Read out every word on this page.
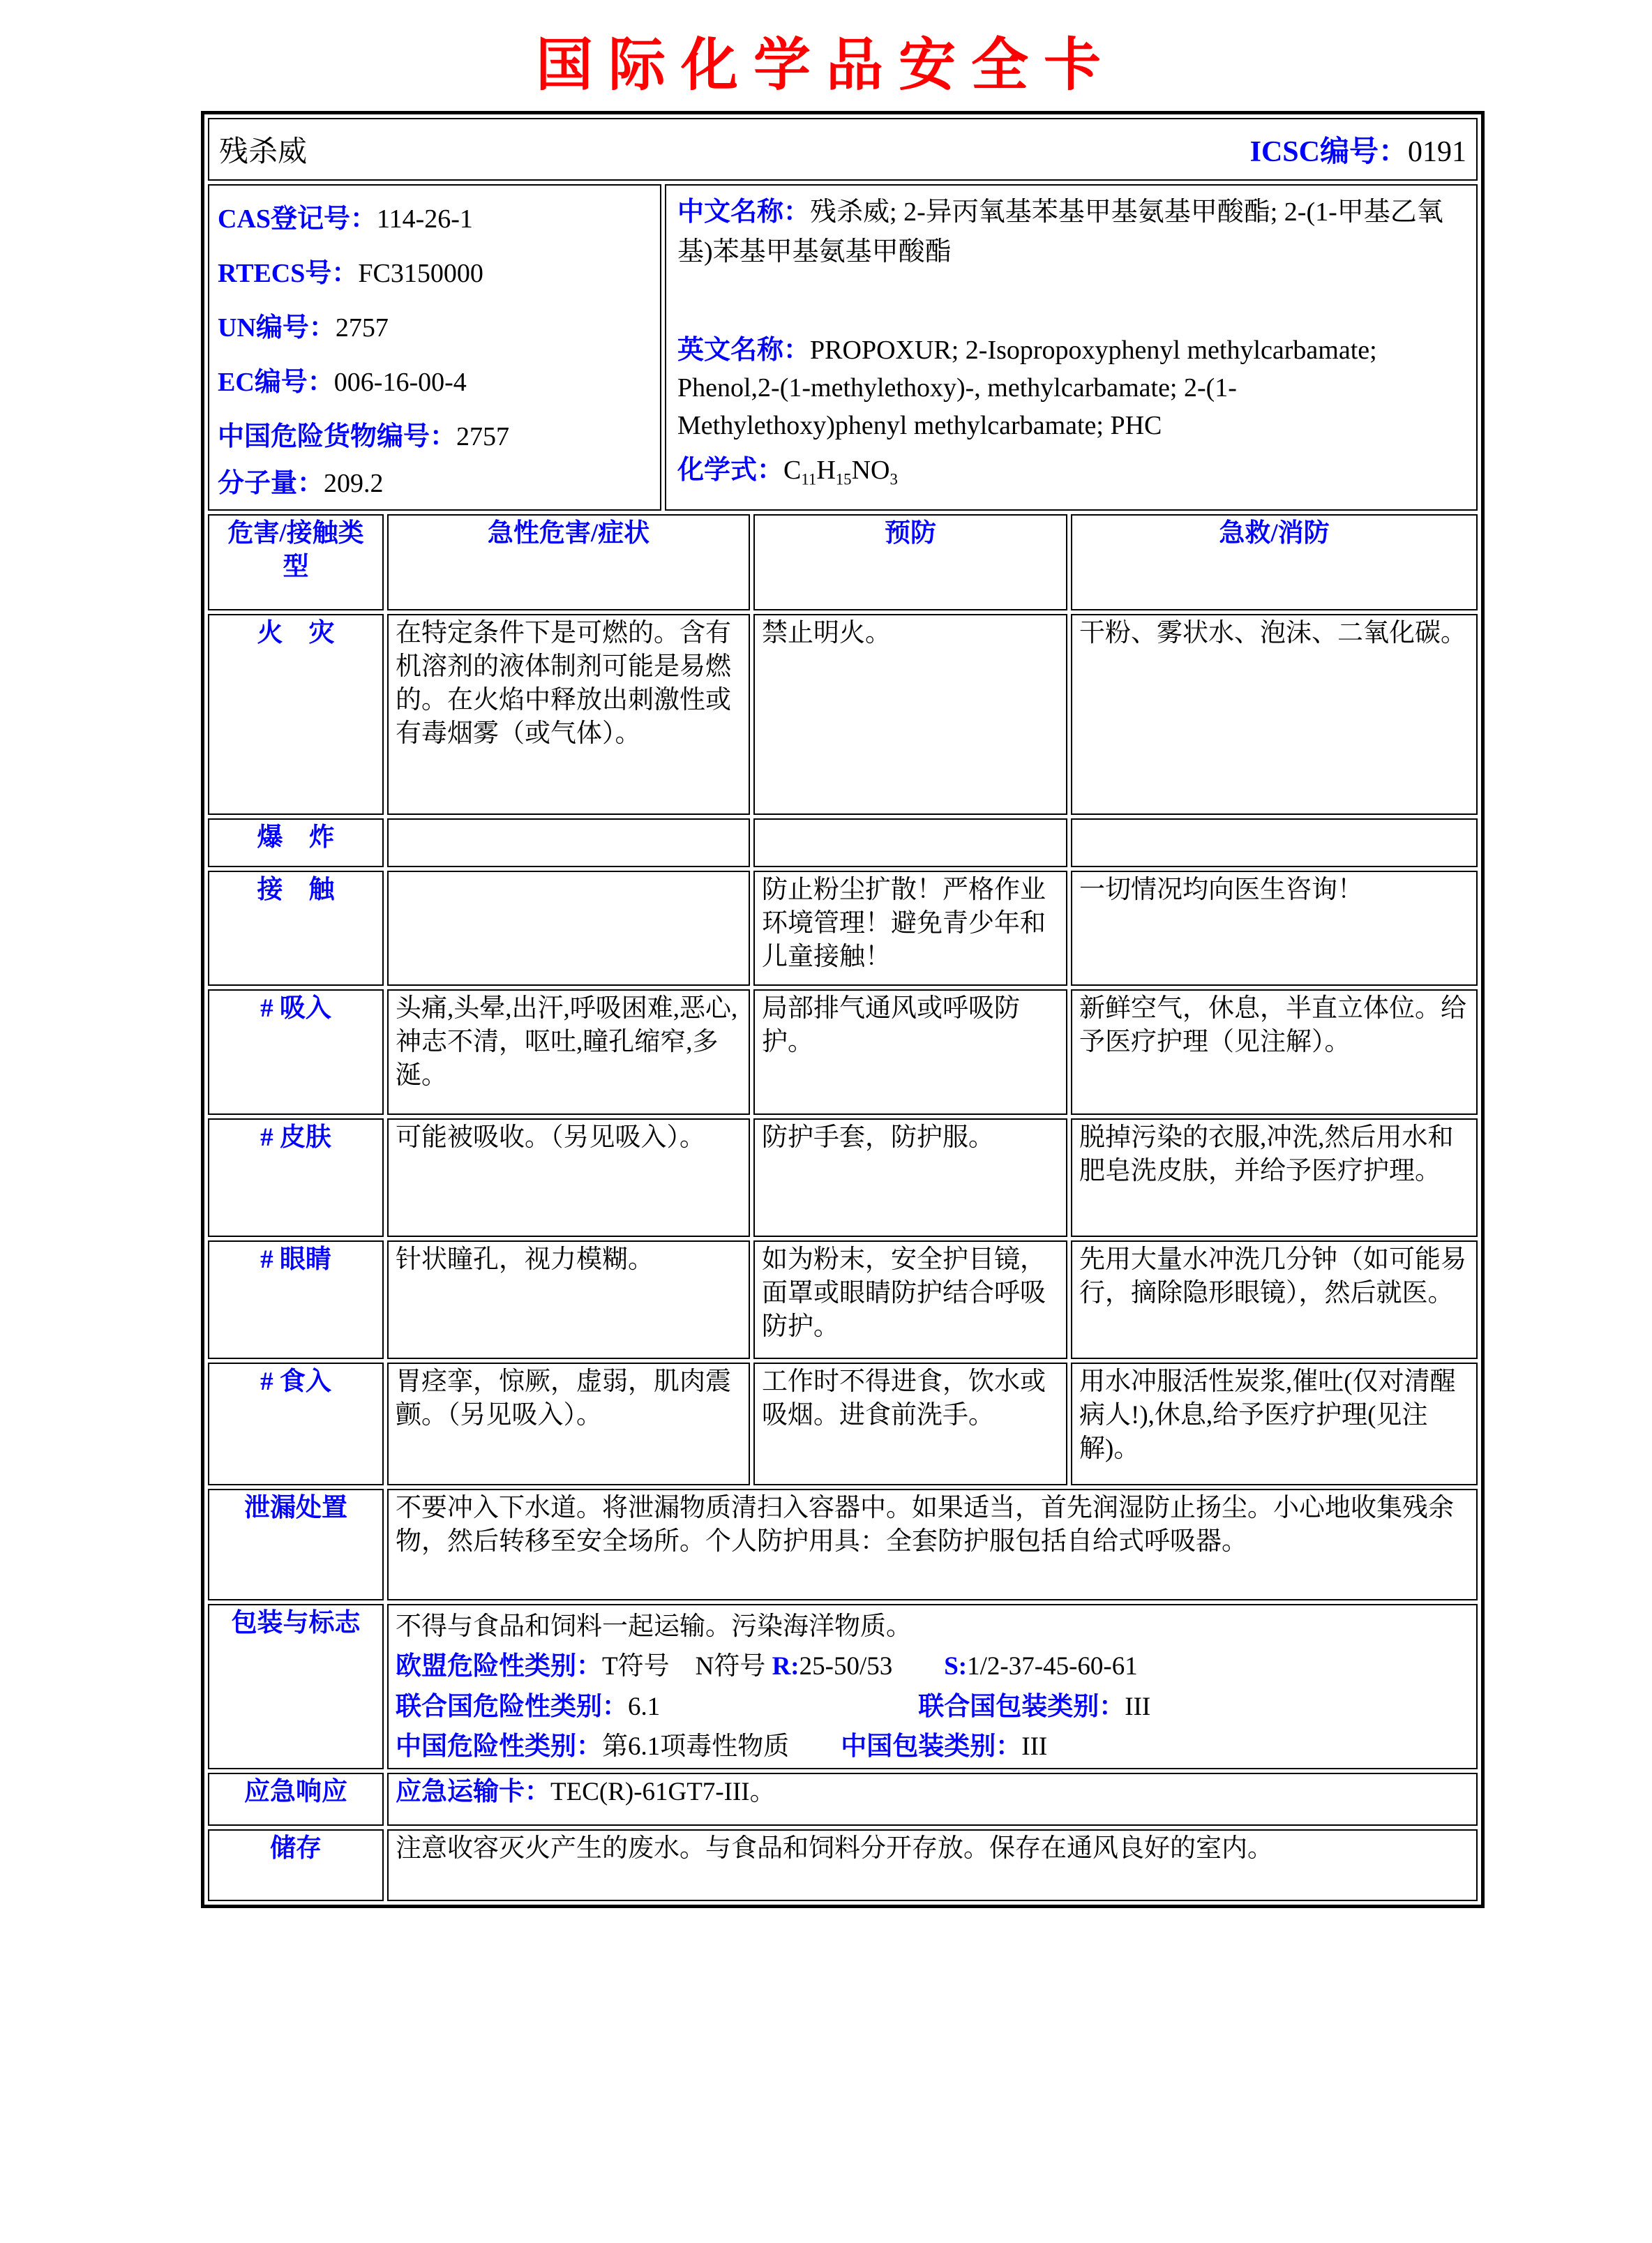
国际化学品安全卡
残杀威	ICSC编号：0191
CAS登记号：114-26-1
RTECS号：FC3150000
UN编号：2757
EC编号：006-16-00-4
中国危险货物编号：2757
分子量：209.2

中文名称：残杀威; 2-异丙氧基苯基甲基氨基甲酸酯; 2-(1-甲基乙氧基)苯基甲基氨基甲酸酯

英文名称：PROPOXUR; 2-Isopropoxyphenyl methylcarbamate; Phenol,2-(1-methylethoxy)-, methylcarbamate; 2-(1-Methylethoxy)phenyl methylcarbamate; PHC

化学式：$C_{11}H_{15}NO_3$

危害/接触类型	急性危害/症状	预防	急救/消防
火　灾	在特定条件下是可燃的。含有机溶剂的液体制剂可能是易燃的。在火焰中释放出刺激性或有毒烟雾（或气体）。	禁止明火。	干粉、雾状水、泡沫、二氧化碳。
爆　炸			
接　触		防止粉尘扩散！严格作业环境管理！避免青少年和儿童接触！	一切情况均向医生咨询！
# 吸入	头痛,头晕,出汗,呼吸困难,恶心,神志不清，呕吐,瞳孔缩窄,多涎。	局部排气通风或呼吸防护。	新鲜空气，休息，半直立体位。给予医疗护理（见注解）。
# 皮肤	可能被吸收。（另见吸入）。	防护手套，防护服。	脱掉污染的衣服,冲洗,然后用水和肥皂洗皮肤，并给予医疗护理。
# 眼睛	针状瞳孔，视力模糊。	如为粉末，安全护目镜，面罩或眼睛防护结合呼吸防护。	先用大量水冲洗几分钟（如可能易行，摘除隐形眼镜），然后就医。
# 食入	胃痉挛，惊厥，虚弱，肌肉震颤。（另见吸入）。	工作时不得进食，饮水或吸烟。进食前洗手。	用水冲服活性炭浆,催吐(仅对清醒病人!),休息,给予医疗护理(见注解)。
泄漏处置	不要冲入下水道。将泄漏物质清扫入容器中。如果适当，首先润湿防止扬尘。小心地收集残余物，然后转移至安全场所。个人防护用具：全套防护服包括自给式呼吸器。		
包装与标志	不得与食品和饲料一起运输。污染海洋物质。
欧盟危险性类别：T符号　N符号 R:25-50/53　　S:1/2-37-45-60-61
联合国危险性类别：6.1　　　　　　　　　　联合国包装类别：III
中国危险性类别：第6.1项毒性物质　　中国包装类别：III		

应急响应	应急运输卡：TEC(R)-61GT7-III。		
储存	注意收容灭火产生的废水。与食品和饲料分开存放。保存在通风良好的室内。		
